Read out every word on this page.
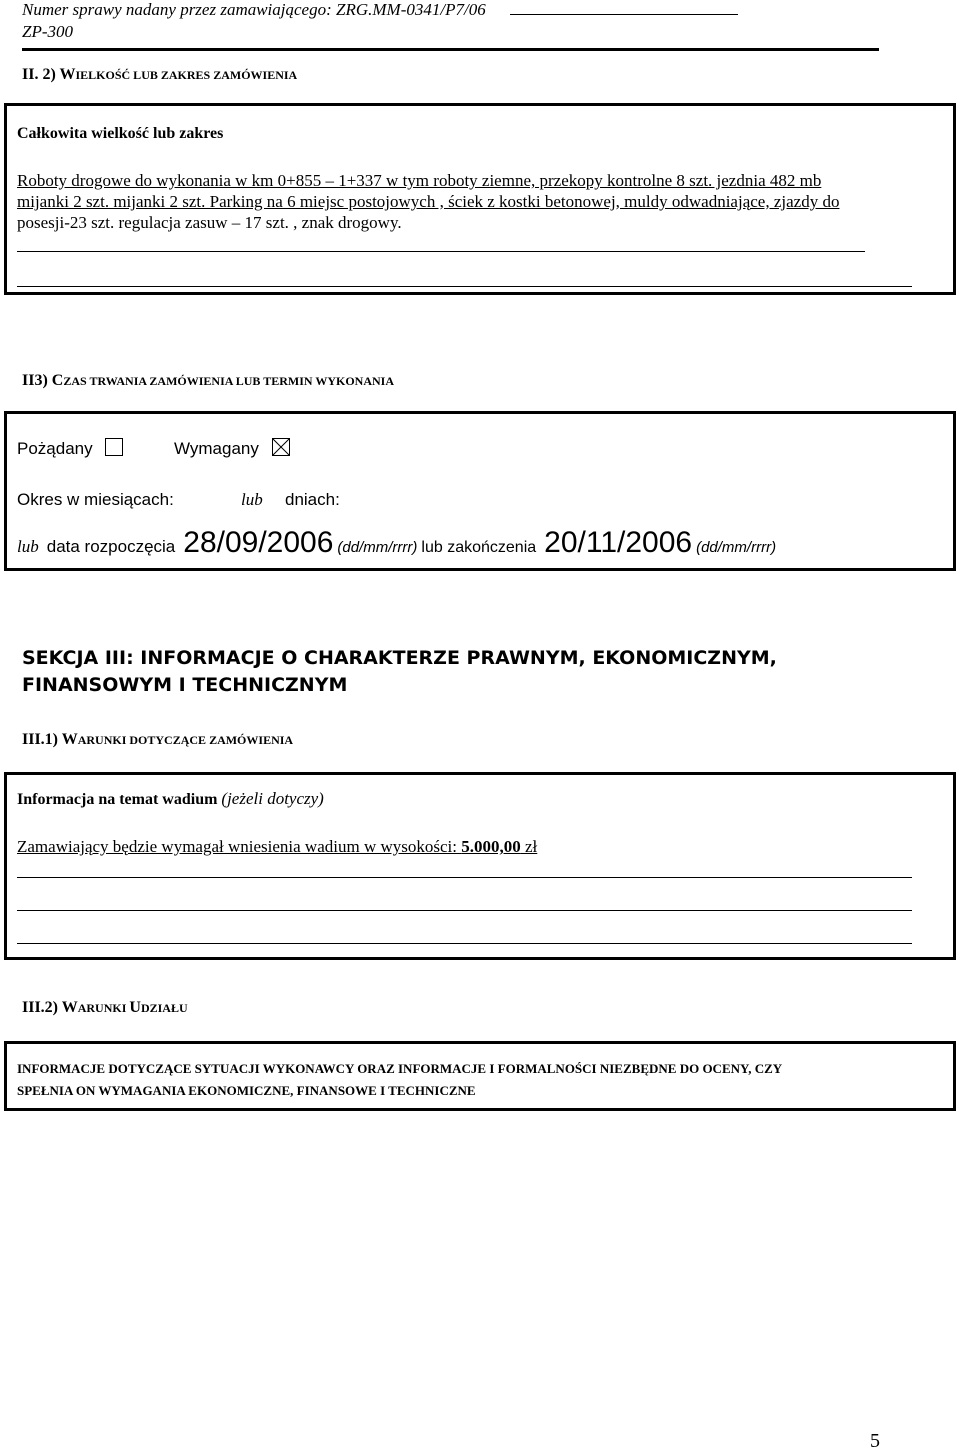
Numer sprawy nadany przez zamawiającego: ZRG.MM-0341/P7/06
ZP-300
II. 2) WIELKOŚĆ LUB ZAKRES ZAMÓWIENIA
Całkowita wielkość lub zakres
Roboty drogowe do wykonania w km 0+855 – 1+337 w tym roboty ziemne, przekopy kontrolne 8 szt. jezdnia 482 mb
mijanki 2 szt. mijanki 2 szt. Parking na 6 miejsc postojowych , ściek z kostki betonowej, muldy odwadniające, zjazdy do
posesji-23 szt. regulacja zasuw – 17 szt. , znak drogowy.
II3) CZAS TRWANIA ZAMÓWIENIA LUB TERMIN WYKONANIA
Pożądany	Wymagany
Okres w miesiącach:	lub dniach:
lub data rozpoczęcia 28/09/2006 (dd/mm/rrrr) lub zakończenia 20/11/2006 (dd/mm/rrrr)
SEKCJA III: INFORMACJE O CHARAKTERZE PRAWNYM, EKONOMICZNYM,
FINANSOWYM I TECHNICZNYM
III.1) WARUNKI DOTYCZĄCE ZAMÓWIENIA
Informacja na temat wadium (jeżeli dotyczy)
Zamawiający będzie wymagał wniesienia wadium w wysokości: 5.000,00 zł
III.2) WARUNKI UDZIAŁU
INFORMACJE DOTYCZĄCE SYTUACJI WYKONAWCY ORAZ INFORMACJE I FORMALNOŚCI NIEZBĘDNE DO OCENY, CZY
SPEŁNIA ON WYMAGANIA EKONOMICZNE, FINANSOWE I TECHNICZNE
5
